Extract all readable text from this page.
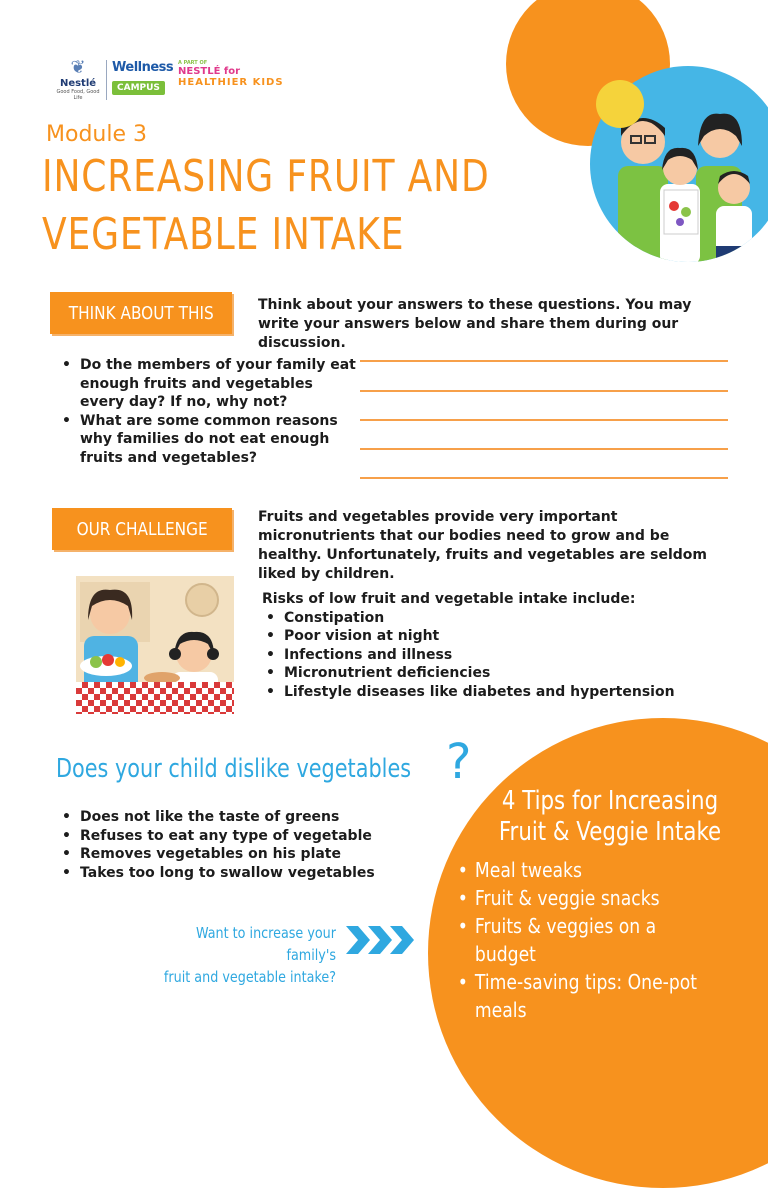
❦
Nestlé
Good Food, Good Life
Wellness
CAMPUS
A PART OF
NESTLÉ for
HEALTHIER KIDS
Module 3
INCREASING FRUIT AND
VEGETABLE INTAKE
THINK ABOUT THIS	Think about your answers to these questions. You may write your answers below and share them during our discussion.
• Do the members of your family eat enough fruits and vegetables every day? If no, why not?
• What are some common reasons why families do not eat enough fruits and vegetables?
OUR CHALLENGE
Fruits and vegetables provide very important micronutrients that our bodies need to grow and be healthy. Unfortunately, fruits and vegetables are seldom liked by children.
Risks of low fruit and vegetable intake include:
• Constipation
• Poor vision at night
• Infections and illness
• Micronutrient deficiencies
• Lifestyle diseases like diabetes and hypertension
Does your child dislike vegetables ?
• Does not like the taste of greens
• Refuses to eat any type of vegetable
• Removes vegetables on his plate
• Takes too long to swallow vegetables
Want to increase your family's
fruit and vegetable intake?
4 Tips for Increasing
Fruit & Veggie Intake
• Meal tweaks
• Fruit & veggie snacks
• Fruits & veggies on a budget
• Time-saving tips: One-pot meals
